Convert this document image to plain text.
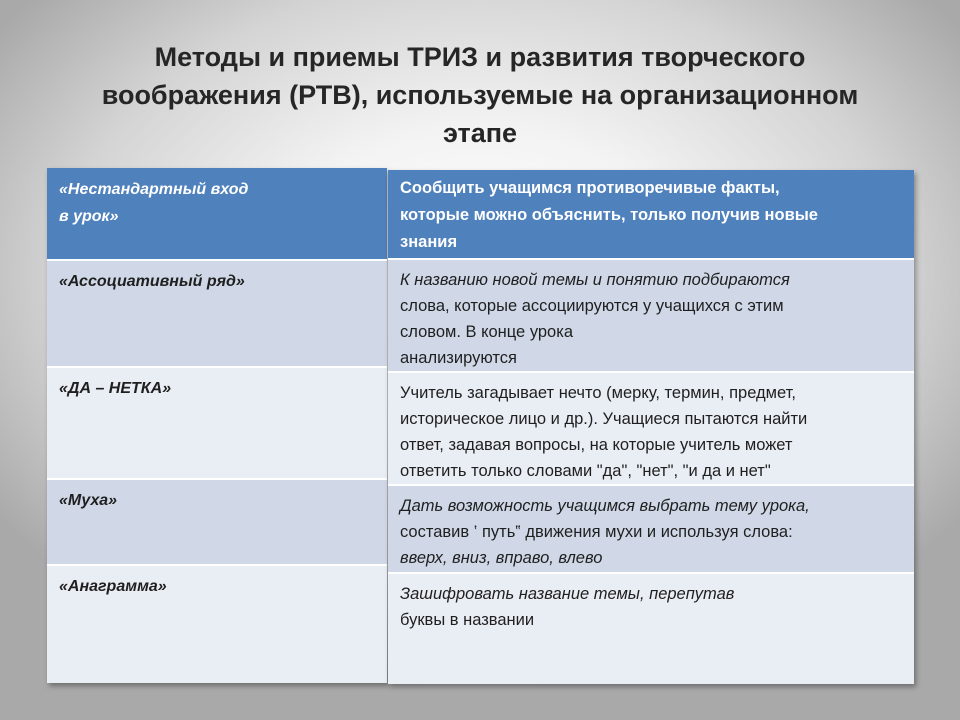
Методы и приемы ТРИЗ и развития творческого
воображения (РТВ), используемые на организационном
этапе
«Нестандартный вход
в урок»
«Ассоциативный ряд»
«ДА – НЕТКА»
«Муха»
«Анаграмма»
Сообщить учащимся противоречивые факты,
которые можно объяснить, только получив новые
знания
К названию новой темы и понятию подбираются
слова, которые ассоциируются у учащихся с этим
словом. В конце урока
анализируются
Учитель загадывает нечто (мерку, термин, предмет,
историческое лицо и др.). Учащиеся пытаются найти
ответ, задавая вопросы, на которые учитель может
ответить только словами "да", "нет", "и да и нет"
Дать возможность учащимся выбрать тему урока,
составив ‛ путь‟ движения мухи и используя слова:
вверх, вниз, вправо, влево
Зашифровать название темы, перепутав
буквы в названии
